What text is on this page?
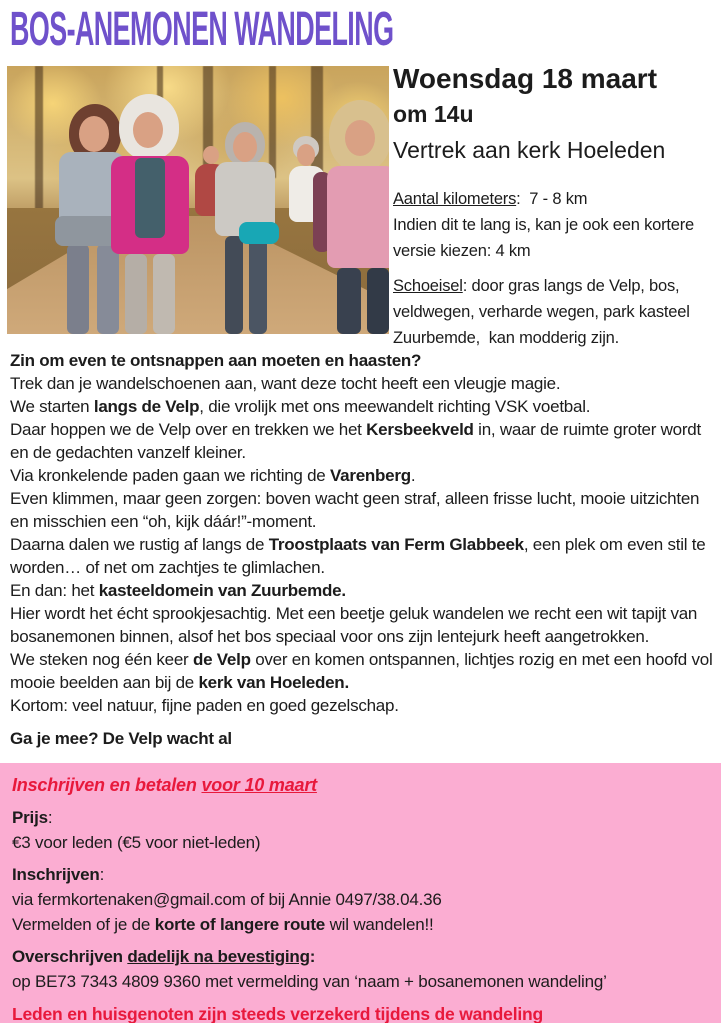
BOS-ANEMONEN WANDELING
Woensdag 18 maart
om 14u
Vertrek aan kerk Hoeleden

Aantal kilometers:  7 - 8 km

Indien dit te lang is, kan je ook een kortere versie kiezen: 4 km

Schoeisel: door gras langs de Velp, bos, veldwegen, verharde wegen, park kasteel Zuurbemde,  kan modderig zijn.

Zin om even te ontsnappen aan moeten en haasten?

Trek dan je wandelschoenen aan, want deze tocht heeft een vleugje magie.

We starten langs de Velp, die vrolijk met ons meewandelt richting VSK voetbal.

Daar hoppen we de Velp over en trekken we het Kersbeekveld in, waar de ruimte groter wordt en de gedachten vanzelf kleiner.

Via kronkelende paden gaan we richting de Varenberg.

Even klimmen, maar geen zorgen: boven wacht geen straf, alleen frisse lucht, mooie uitzichten en misschien een “oh, kijk dáár!”-moment.

Daarna dalen we rustig af langs de Troostplaats van Ferm Glabbeek, een plek om even stil te worden… of net om zachtjes te glimlachen.

En dan: het kasteeldomein van Zuurbemde.

Hier wordt het écht sprookjesachtig. Met een beetje geluk wandelen we recht een wit tapijt van bosanemonen binnen, alsof het bos speciaal voor ons zijn lentejurk heeft aangetrokken.

We steken nog één keer de Velp over en komen ontspannen, lichtjes rozig en met een hoofd vol mooie beelden aan bij de kerk van Hoeleden.

Kortom: veel natuur, fijne paden en goed gezelschap.

Ga je mee? De Velp wacht al

Inschrijven en betalen voor 10 maart

Prijs:

€3 voor leden (€5 voor niet-leden)

Inschrijven:

via fermkortenaken@gmail.com of bij Annie 0497/38.04.36

Vermelden of je de korte of langere route wil wandelen!!

Overschrijven dadelijk na bevestiging:

op BE73 7343 4809 9360 met vermelding van ‘naam + bosanemonen wandeling’

Leden en huisgenoten zijn steeds verzekerd tijdens de wandeling
